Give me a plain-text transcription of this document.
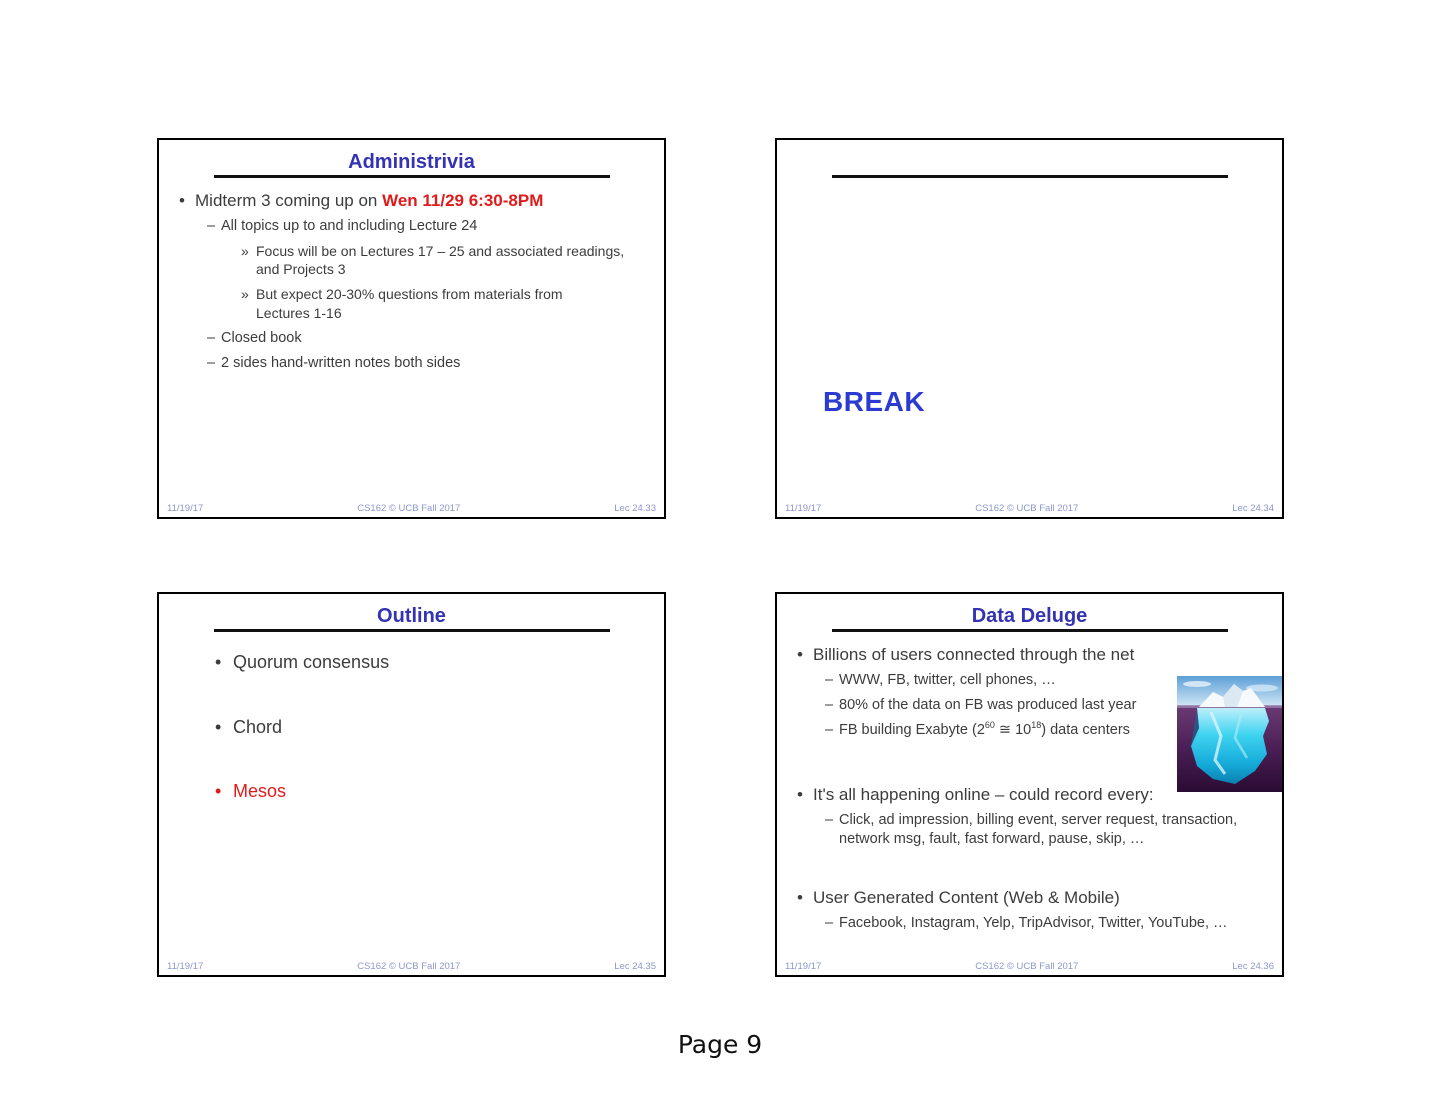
Administrivia
• Midterm 3 coming up on Wen 11/29 6:30-8PM
– All topics up to and including Lecture 24
» Focus will be on Lectures 17 – 25 and associated readings, and Projects 3
» But expect 20-30% questions from materials from Lectures 1-16
– Closed book
– 2 sides hand-written notes both sides
11/19/17	CS162 © UCB Fall 2017	Lec 24.33
BREAK
11/19/17	CS162 © UCB Fall 2017	Lec 24.34
Outline
• Quorum consensus
• Chord
• Mesos
11/19/17	CS162 © UCB Fall 2017	Lec 24.35
Data Deluge
• Billions of users connected through the net
– WWW, FB, twitter, cell phones, …
– 80% of the data on FB was produced last year
– FB building Exabyte ($2^{60}$ ≅ $10^{18}$) data centers
• It's all happening online – could record every:
– Click, ad impression, billing event, server request, transaction, network msg, fault, fast forward, pause, skip, …
• User Generated Content (Web & Mobile)
– Facebook, Instagram, Yelp, TripAdvisor, Twitter, YouTube, …
11/19/17	CS162 © UCB Fall 2017	Lec 24.36
Page 9
